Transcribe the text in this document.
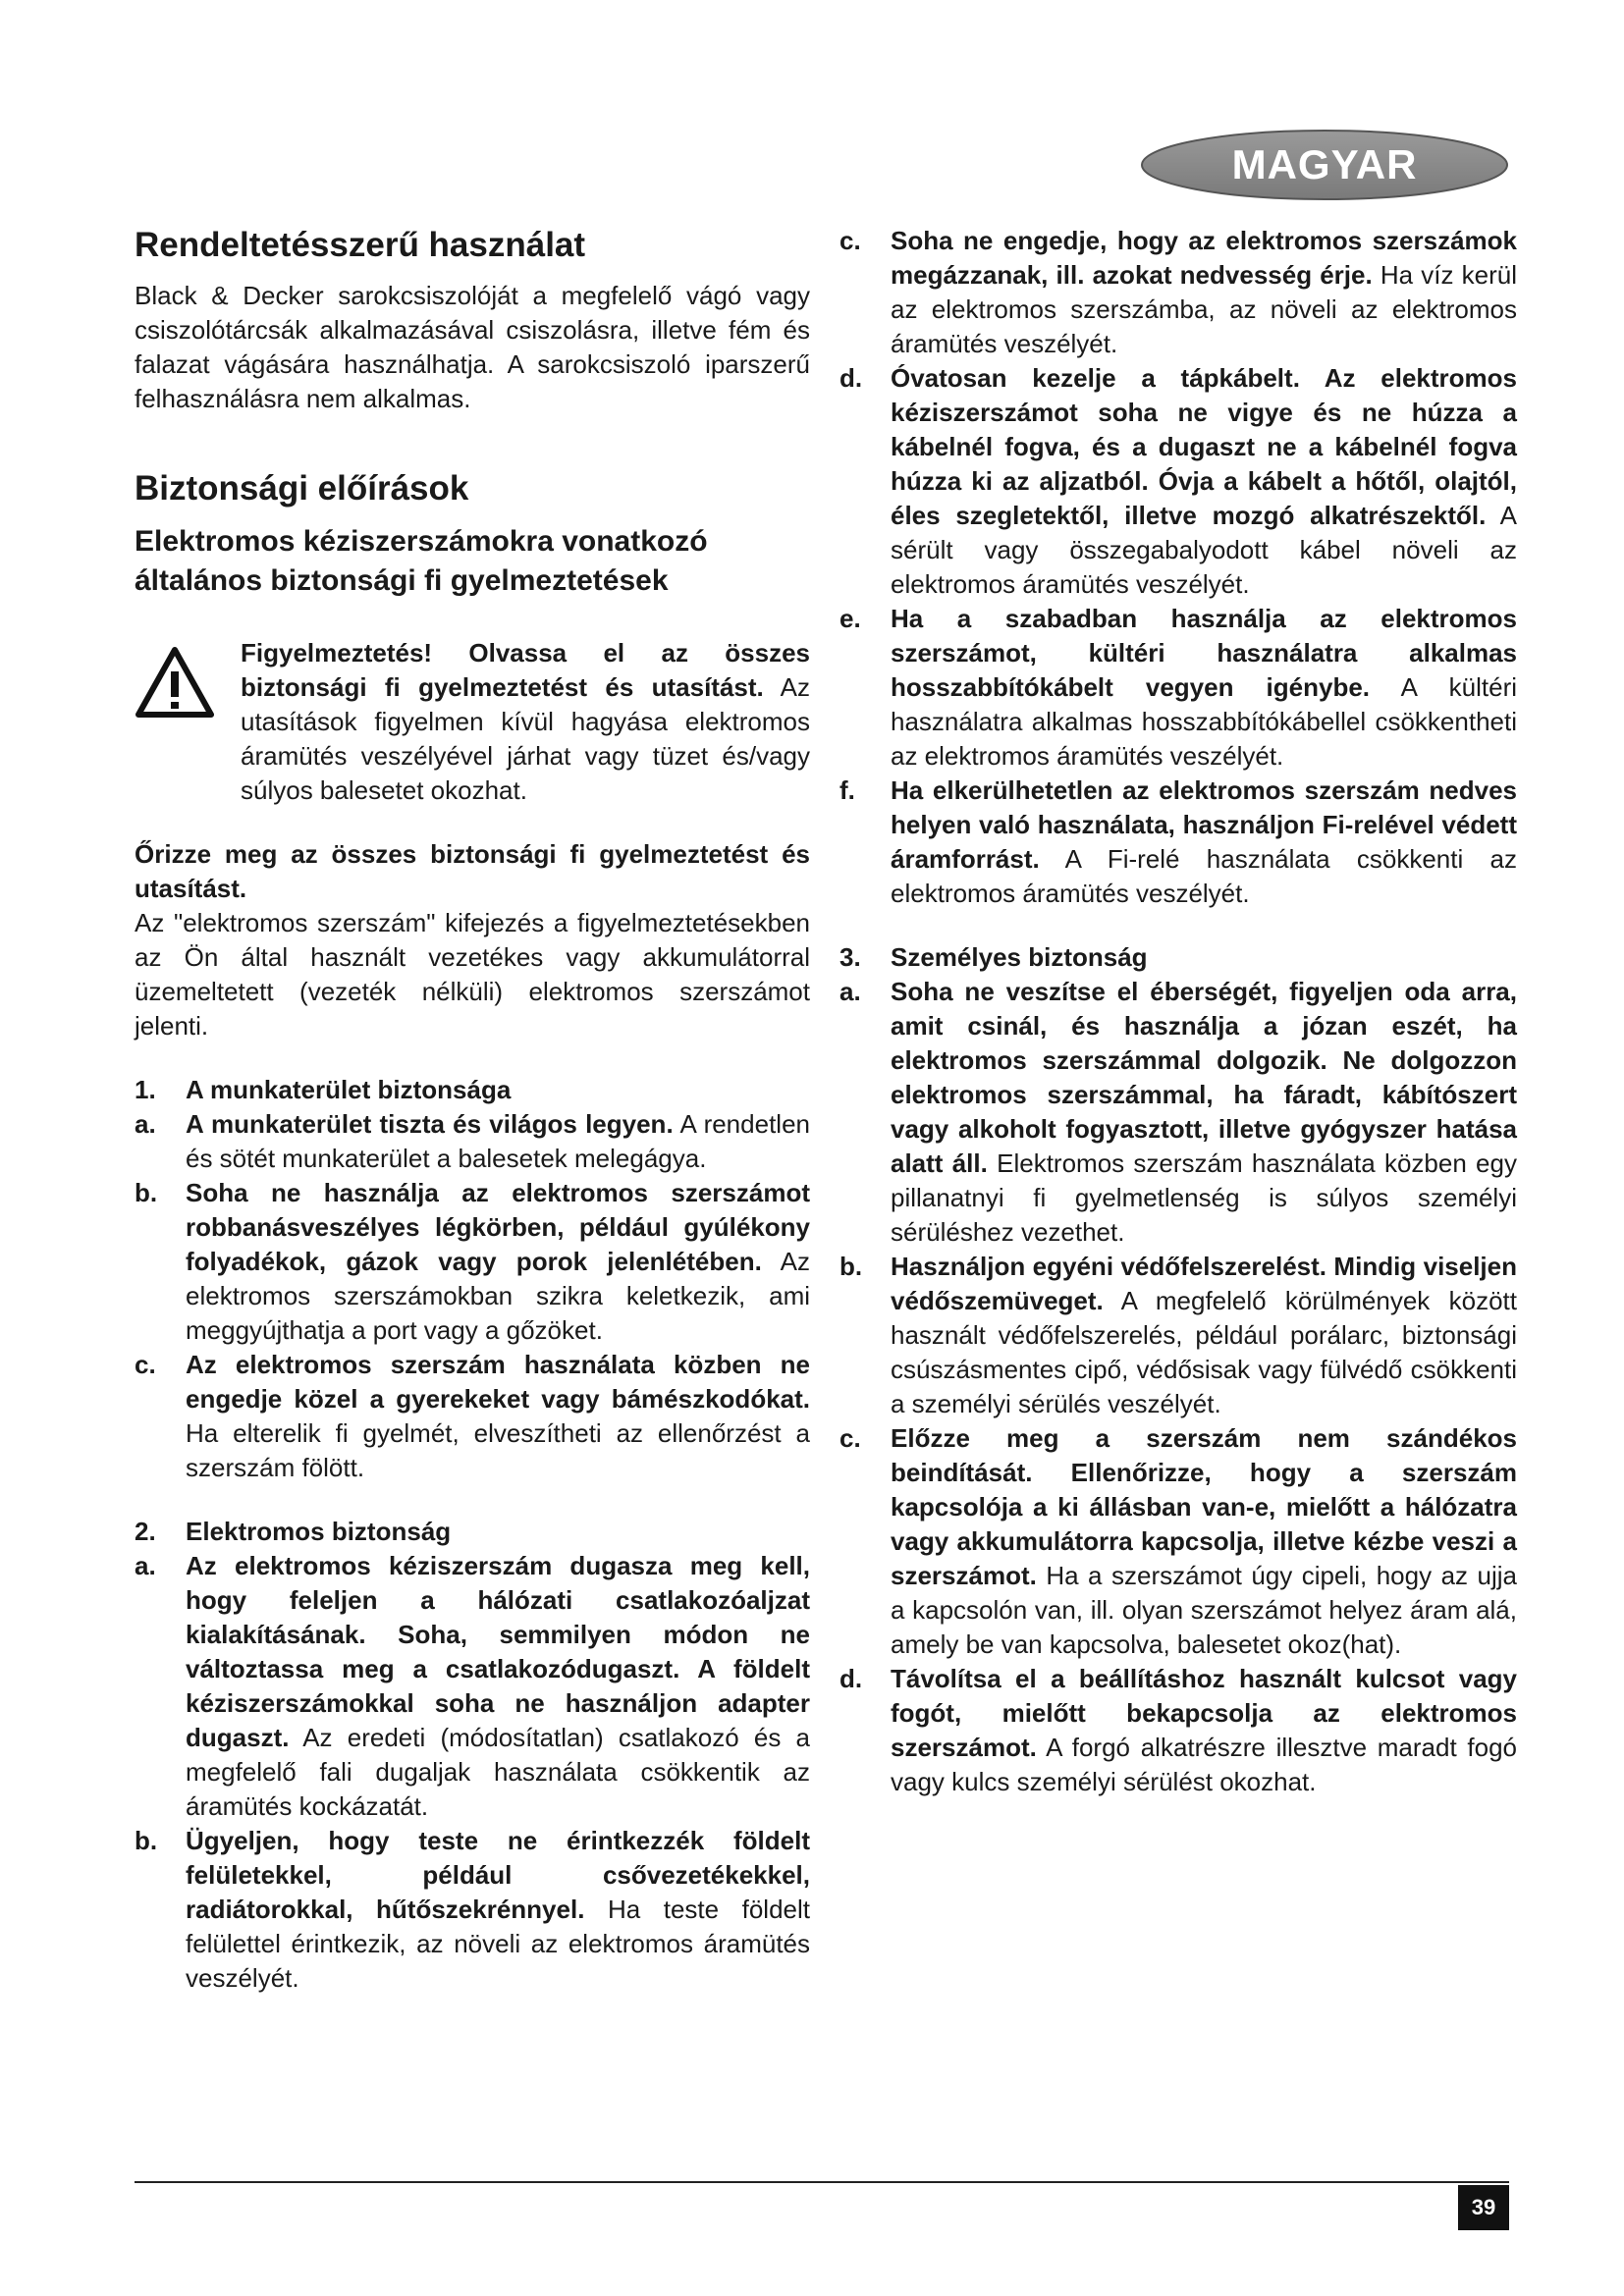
MAGYAR
Rendeltetésszerű használat

Black & Decker sarokcsiszolóját a megfelelő vágó vagy csiszolótárcsák alkalmazásával csiszolásra, illetve fém és falazat vágására használhatja. A sarokcsiszoló iparszerű felhasználásra nem alkalmas.

Biztonsági előírások
Elektromos kéziszerszámokra vonatkozó általános biztonsági fi gyelmeztetések

Figyelmeztetés! Olvassa el az összes biztonsági fi gyelmeztetést és utasítást. Az utasítások figyelmen kívül hagyása elektromos áramütés veszélyével járhat vagy tüzet és/vagy súlyos balesetet okozhat.

Őrizze meg az összes biztonsági fi gyelmeztetést és utasítást.

Az "elektromos szerszám" kifejezés a figyelmeztetésekben az Ön által használt vezetékes vagy akkumulátorral üzemeltetett (vezeték nélküli) elektromos szerszámot jelenti.

1. A munkaterület biztonsága
a. A munkaterület tiszta és világos legyen. A rendetlen és sötét munkaterület a balesetek melegágya.

b. Soha ne használja az elektromos szerszámot robbanásveszélyes légkörben, például gyúlékony folyadékok, gázok vagy porok jelenlétében. Az elektromos szerszámokban szikra keletkezik, ami meggyújthatja a port vagy a gőzöket.

c. Az elektromos szerszám használata közben ne engedje közel a gyerekeket vagy bámészkodókat. Ha elterelik fi gyelmét, elveszítheti az ellenőrzést a szerszám fölött.

2. Elektromos biztonság
a. Az elektromos kéziszerszám dugasza meg kell, hogy feleljen a hálózati csatlakozóaljzat kialakításának. Soha, semmilyen módon ne változtassa meg a csatlakozódugaszt. A földelt kéziszerszámokkal soha ne használjon adapter dugaszt. Az eredeti (módosítatlan) csatlakozó és a megfelelő fali dugaljak használata csökkentik az áramütés kockázatát.

b. Ügyeljen, hogy teste ne érintkezzék földelt felületekkel, például csővezetékekkel, radiátorokkal, hűtőszekrénnyel. Ha teste földelt felülettel érintkezik, az növeli az elektromos áramütés veszélyét.

c. Soha ne engedje, hogy az elektromos szerszámok megázzanak, ill. azokat nedvesség érje. Ha víz kerül az elektromos szerszámba, az növeli az elektromos áramütés veszélyét.

d. Óvatosan kezelje a tápkábelt. Az elektromos kéziszerszámot soha ne vigye és ne húzza a kábelnél fogva, és a dugaszt ne a kábelnél fogva húzza ki az aljzatból. Óvja a kábelt a hőtől, olajtól, éles szegletektől, illetve mozgó alkatrészektől. A sérült vagy összegabalyodott kábel növeli az elektromos áramütés veszélyét.

e. Ha a szabadban használja az elektromos szerszámot, kültéri használatra alkalmas hosszabbítókábelt vegyen igénybe. A kültéri használatra alkalmas hosszabbítókábellel csökkentheti az elektromos áramütés veszélyét.

f. Ha elkerülhetetlen az elektromos szerszám nedves helyen való használata, használjon Fi-relével védett áramforrást. A Fi-relé használata csökkenti az elektromos áramütés veszélyét.

3. Személyes biztonság
a. Soha ne veszítse el éberségét, figyeljen oda arra, amit csinál, és használja a józan eszét, ha elektromos szerszámmal dolgozik. Ne dolgozzon elektromos szerszámmal, ha fáradt, kábítószert vagy alkoholt fogyasztott, illetve gyógyszer hatása alatt áll. Elektromos szerszám használata közben egy pillanatnyi fi gyelmetlenség is súlyos személyi sérüléshez vezethet.

b. Használjon egyéni védőfelszerelést. Mindig viseljen védőszemüveget. A megfelelő körülmények között használt védőfelszerelés, például porálarc, biztonsági csúszásmentes cipő, védősisak vagy fülvédő csökkenti a személyi sérülés veszélyét.

c. Előzze meg a szerszám nem szándékos beindítását. Ellenőrizze, hogy a szerszám kapcsolója a ki állásban van-e, mielőtt a hálózatra vagy akkumulátorra kapcsolja, illetve kézbe veszi a szerszámot. Ha a szerszámot úgy cipeli, hogy az ujja a kapcsolón van, ill. olyan szerszámot helyez áram alá, amely be van kapcsolva, balesetet okoz(hat).

d. Távolítsa el a beállításhoz használt kulcsot vagy fogót, mielőtt bekapcsolja az elektromos szerszámot. A forgó alkatrészre illesztve maradt fogó vagy kulcs személyi sérülést okozhat.

39
